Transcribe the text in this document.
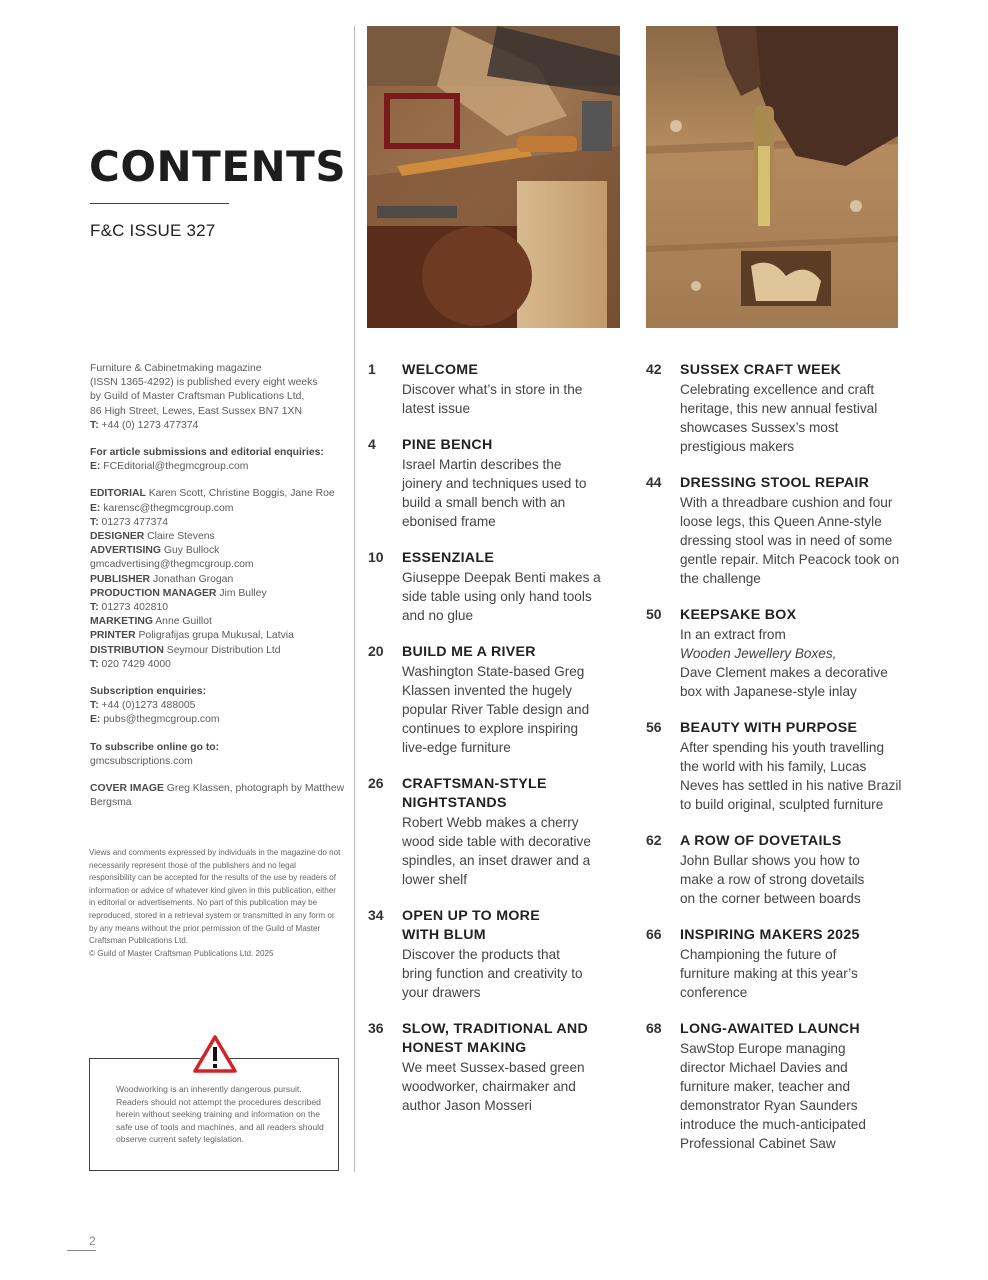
CONTENTS
F&C ISSUE 327

Furniture & Cabinetmaking magazine
(ISSN 1365-4292) is published every eight weeks
by Guild of Master Craftsman Publications Ltd,
86 High Street, Lewes, East Sussex BN7 1XN
T: +44 (0) 1273 477374

For article submissions and editorial enquiries:
E: FCEditorial@thegmcgroup.com

EDITORIAL Karen Scott, Christine Boggis, Jane Roe
E: karensc@thegmcgroup.com
T: 01273 477374
DESIGNER Claire Stevens
ADVERTISING Guy Bullock
gmcadvertising@thegmcgroup.com
PUBLISHER Jonathan Grogan
PRODUCTION MANAGER Jim Bulley
T: 01273 402810
MARKETING Anne Guillot
PRINTER Poligrafijas grupa Mukusal, Latvia
DISTRIBUTION Seymour Distribution Ltd
T: 020 7429 4000

Subscription enquiries:
T: +44 (0)1273 488005
E: pubs@thegmcgroup.com

To subscribe online go to:
gmcsubscriptions.com

COVER IMAGE Greg Klassen, photograph by Matthew Bergsma

Views and comments expressed by individuals in the magazine do not necessarily represent those of the publishers and no legal responsibility can be accepted for the results of the use by readers of information or advice of whatever kind given in this publication, either in editorial or advertisements. No part of this publication may be reproduced, stored in a retrieval system or transmitted in any form or by any means without the prior permission of the Guild of Master Craftsman Publications Ltd.
© Guild of Master Craftsman Publications Ltd. 2025
Woodworking is an inherently dangerous pursuit. Readers should not attempt the procedures described herein without seeking training and information on the safe use of tools and machines, and all readers should observe current safety legislation.
1 WELCOME
Discover what’s in store in the latest issue
4 PINE BENCH
Israel Martin describes the joinery and techniques used to build a small bench with an ebonised frame
10 ESSENZIALE
Giuseppe Deepak Benti makes a side table using only hand tools and no glue
20 BUILD ME A RIVER
Washington State-based Greg Klassen invented the hugely popular River Table design and continues to explore inspiring live-edge furniture
26 CRAFTSMAN-STYLE NIGHTSTANDS
Robert Webb makes a cherry wood side table with decorative spindles, an inset drawer and a lower shelf
34 OPEN UP TO MORE WITH BLUM
Discover the products that bring function and creativity to your drawers
36 SLOW, TRADITIONAL AND HONEST MAKING
We meet Sussex-based green woodworker, chairmaker and author Jason Mosseri
42 SUSSEX CRAFT WEEK
Celebrating excellence and craft heritage, this new annual festival showcases Sussex’s most prestigious makers
44 DRESSING STOOL REPAIR
With a threadbare cushion and four loose legs, this Queen Anne-style dressing stool was in need of some gentle repair. Mitch Peacock took on the challenge
50 KEEPSAKE BOX
In an extract from
Wooden Jewellery Boxes,
Dave Clement makes a decorative box with Japanese-style inlay
56 BEAUTY WITH PURPOSE
After spending his youth travelling the world with his family, Lucas Neves has settled in his native Brazil to build original, sculpted furniture
62 A ROW OF DOVETAILS
John Bullar shows you how to make a row of strong dovetails on the corner between boards
66 INSPIRING MAKERS 2025
Championing the future of furniture making at this year’s conference
68 LONG-AWAITED LAUNCH
SawStop Europe managing director Michael Davies and furniture maker, teacher and demonstrator Ryan Saunders introduce the much-anticipated Professional Cabinet Saw
2
